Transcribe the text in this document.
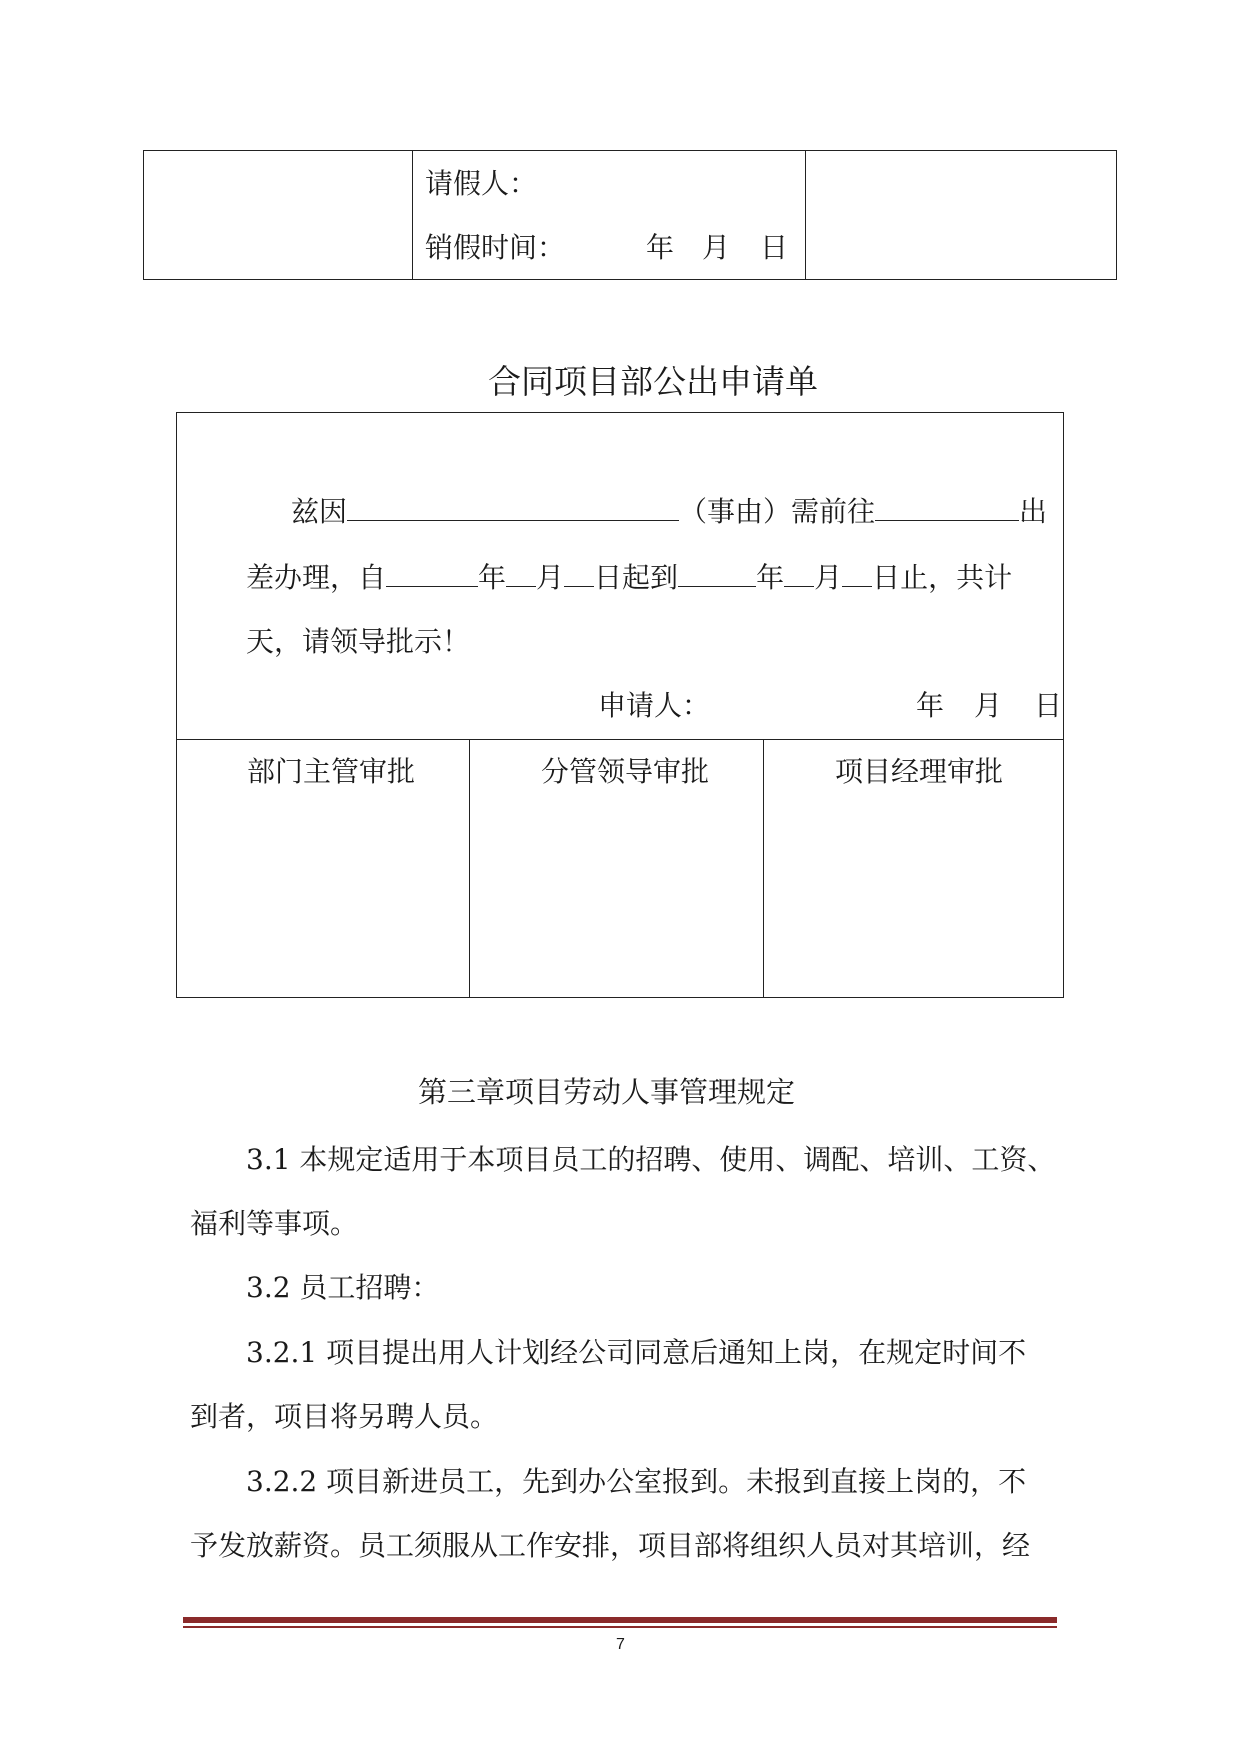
请假人：
销假时间：	年 月 日
合同项目部公出申请单
兹因	（事由）需前往	出
差办理，自	年 月 日起到	年 月 日止，共计
天，请领导批示！
申请人：	年 月 日
部门主管审批	分管领导审批	项目经理审批
第三章项目劳动人事管理规定
3.1 本规定适用于本项目员工的招聘、使用、调配、培训、工资、
福利等事项。
3.2 员工招聘：
3.2.1 项目提出用人计划经公司同意后通知上岗，在规定时间不
到者，项目将另聘人员。
3.2.2 项目新进员工，先到办公室报到。未报到直接上岗的，不
予发放薪资。员工须服从工作安排，项目部将组织人员对其培训，经
7
